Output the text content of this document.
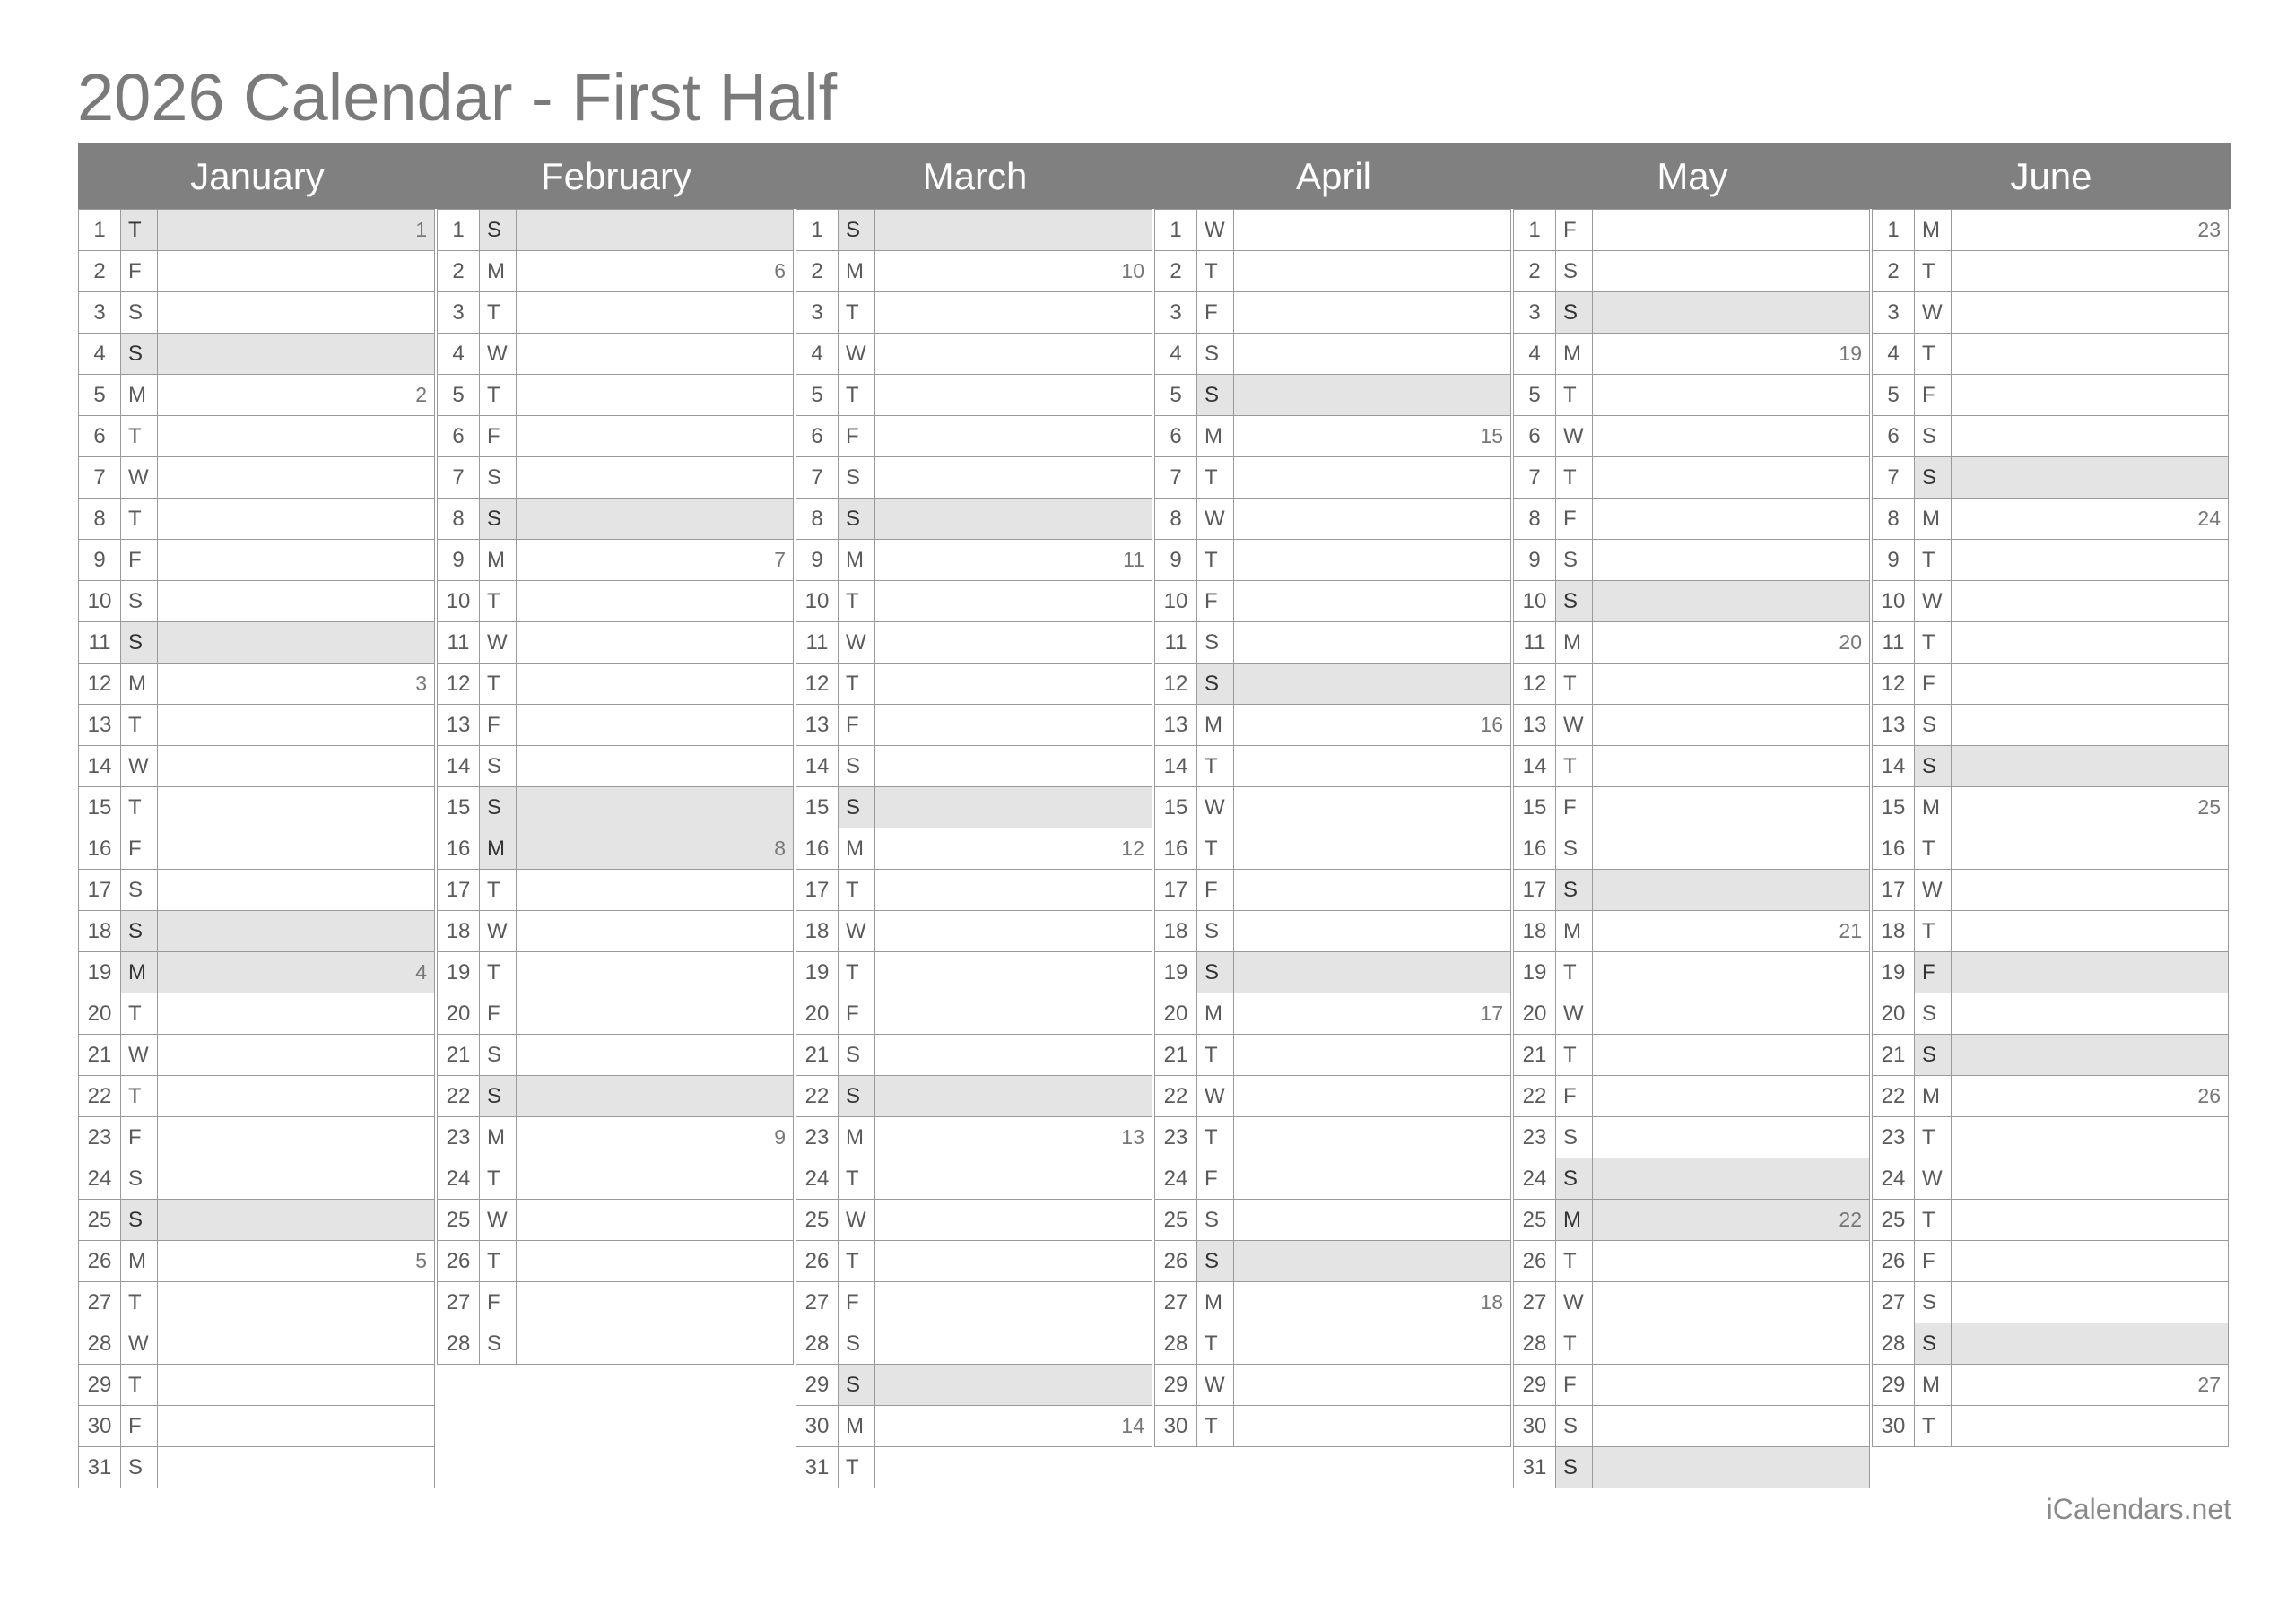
2026 Calendar - First Half
January	February	March	April	May	June
1	T	1
2	F	
3	S	
4	S	
5	M	2
6	T	
7	W	
8	T	
9	F	
10	S	
11	S	
12	M	3
13	T	
14	W	
15	T	
16	F	
17	S	
18	S	
19	M	4
20	T	
21	W	
22	T	
23	F	
24	S	
25	S	
26	M	5
27	T	
28	W	
29	T	
30	F	
31	S	
1	S	
2	M	6
3	T	
4	W	
5	T	
6	F	
7	S	
8	S	
9	M	7
10	T	
11	W	
12	T	
13	F	
14	S	
15	S	
16	M	8
17	T	
18	W	
19	T	
20	F	
21	S	
22	S	
23	M	9
24	T	
25	W	
26	T	
27	F	
28	S	
1	S	
2	M	10
3	T	
4	W	
5	T	
6	F	
7	S	
8	S	
9	M	11
10	T	
11	W	
12	T	
13	F	
14	S	
15	S	
16	M	12
17	T	
18	W	
19	T	
20	F	
21	S	
22	S	
23	M	13
24	T	
25	W	
26	T	
27	F	
28	S	
29	S	
30	M	14
31	T	
1	W	
2	T	
3	F	
4	S	
5	S	
6	M	15
7	T	
8	W	
9	T	
10	F	
11	S	
12	S	
13	M	16
14	T	
15	W	
16	T	
17	F	
18	S	
19	S	
20	M	17
21	T	
22	W	
23	T	
24	F	
25	S	
26	S	
27	M	18
28	T	
29	W	
30	T	
1	F	
2	S	
3	S	
4	M	19
5	T	
6	W	
7	T	
8	F	
9	S	
10	S	
11	M	20
12	T	
13	W	
14	T	
15	F	
16	S	
17	S	
18	M	21
19	T	
20	W	
21	T	
22	F	
23	S	
24	S	
25	M	22
26	T	
27	W	
28	T	
29	F	
30	S	
31	S	
1	M	23
2	T	
3	W	
4	T	
5	F	
6	S	
7	S	
8	M	24
9	T	
10	W	
11	T	
12	F	
13	S	
14	S	
15	M	25
16	T	
17	W	
18	T	
19	F	
20	S	
21	S	
22	M	26
23	T	
24	W	
25	T	
26	F	
27	S	
28	S	
29	M	27
30	T	
iCalendars.net
